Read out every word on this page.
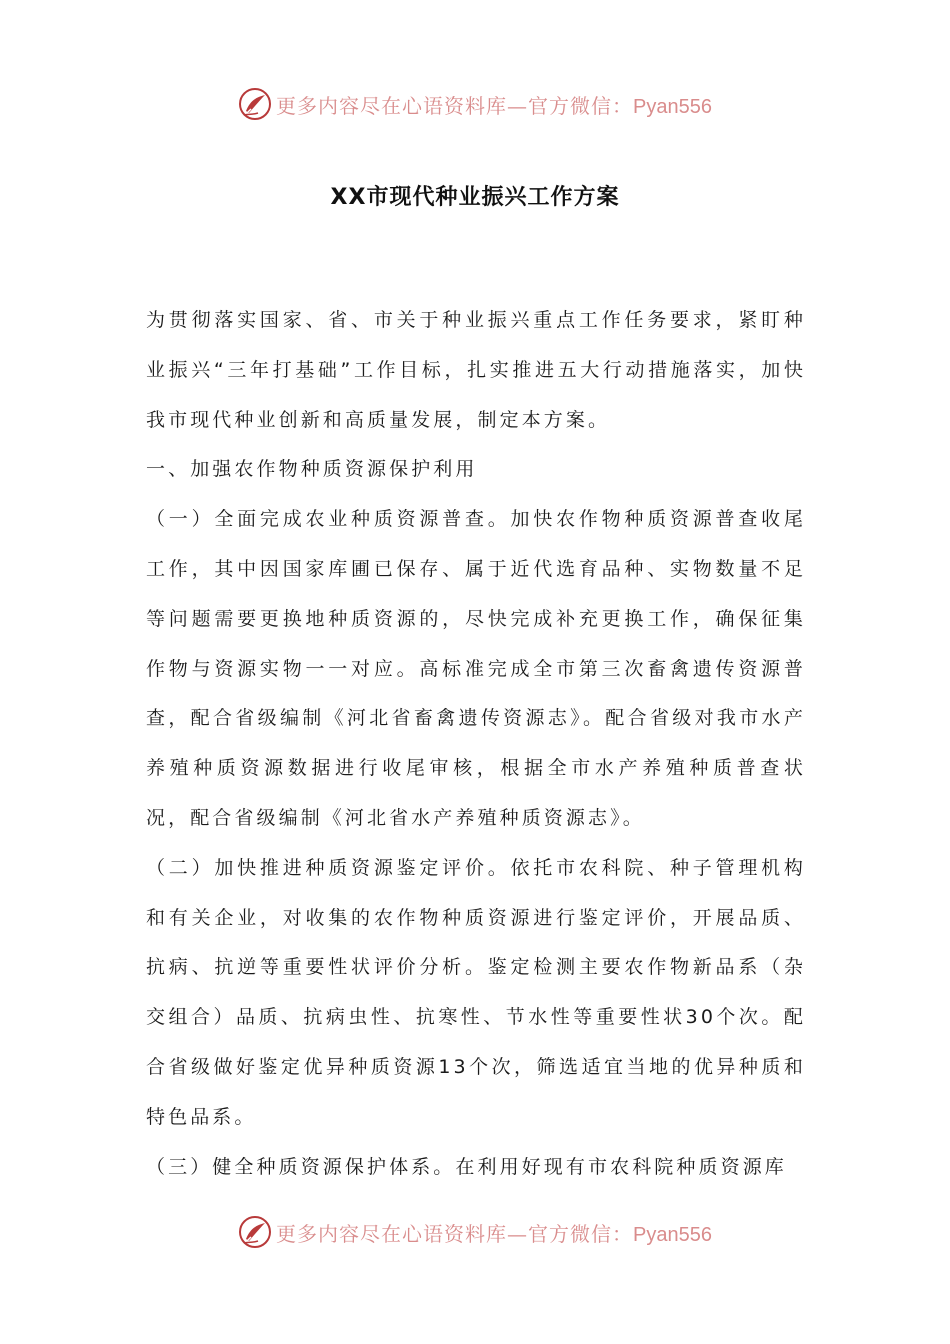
更多内容尽在心语资料库—官方微信：Pyan556
XX市现代种业振兴工作方案

为贯彻落实国家、省、市关于种业振兴重点工作任务要求，紧盯种业振兴“三年打基础”工作目标，扎实推进五大行动措施落实，加快我市现代种业创新和高质量发展，制定本方案。

一、加强农作物种质资源保护利用

（一）全面完成农业种质资源普查。加快农作物种质资源普查收尾工作，其中因国家库圃已保存、属于近代选育品种、实物数量不足等问题需要更换地种质资源的，尽快完成补充更换工作，确保征集作物与资源实物一一对应。高标准完成全市第三次畜禽遗传资源普查，配合省级编制《河北省畜禽遗传资源志》。配合省级对我市水产养殖种质资源数据进行收尾审核，根据全市水产养殖种质普查状况，配合省级编制《河北省水产养殖种质资源志》。

（二）加快推进种质资源鉴定评价。依托市农科院、种子管理机构和有关企业，对收集的农作物种质资源进行鉴定评价，开展品质、抗病、抗逆等重要性状评价分析。鉴定检测主要农作物新品系（杂交组合）品质、抗病虫性、抗寒性、节水性等重要性状30个次。配合省级做好鉴定优异种质资源13个次，筛选适宜当地的优异种质和特色品系。

（三）健全种质资源保护体系。在利用好现有市农科院种质资源库

更多内容尽在心语资料库—官方微信：Pyan556
